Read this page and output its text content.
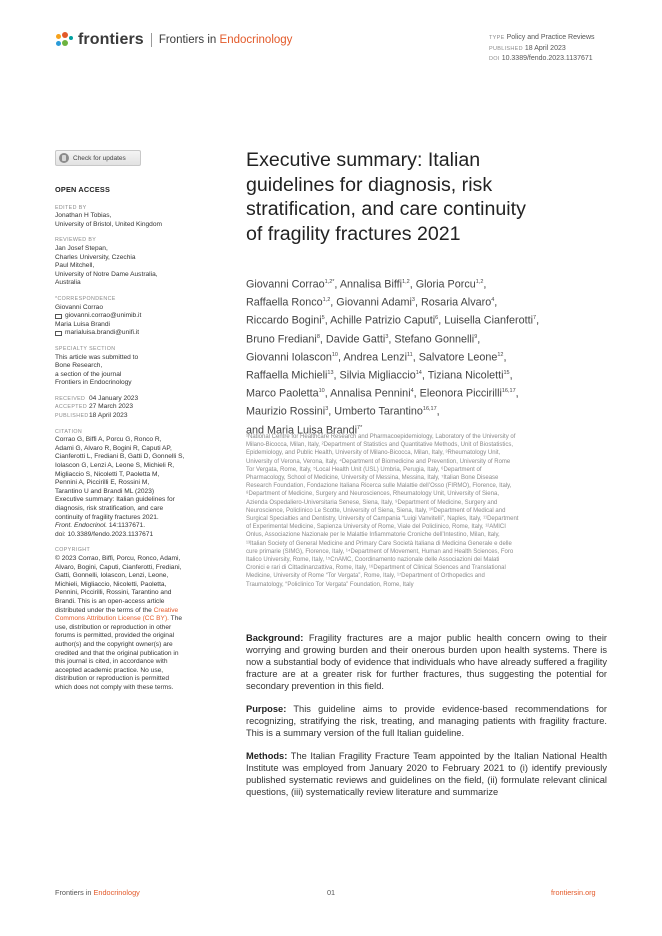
frontiers Frontiers in Endocrinology	TYPE Policy and Practice Reviews
PUBLISHED 18 April 2023
DOI 10.3389/fendo.2023.1137671
Check for updates
OPEN ACCESS
EDITED BY
Jonathan H Tobias,
University of Bristol, United Kingdom
REVIEWED BY
Jan Josef Stepan,
Charles University, Czechia
Paul Mitchell,
University of Notre Dame Australia,
Australia
*CORRESPONDENCE
Giovanni Corrao
giovanni.corrao@unimib.it
Maria Luisa Brandi
marialuisa.brandi@unifi.it
SPECIALTY SECTION
This article was submitted to
Bone Research,
a section of the journal
Frontiers in Endocrinology
RECEIVED 04 January 2023
ACCEPTED 27 March 2023
PUBLISHED18 April 2023
CITATION
Corrao G, Biffi A, Porcu G, Ronco R,
Adami G, Alvaro R, Bogini R, Caputi AP,
Cianferotti L, Frediani B, Gatti D, Gonnelli S,
Iolascon G, Lenzi A, Leone S, Michieli R,
Migliaccio S, Nicoletti T, Paoletta M,
Pennini A, Piccirilli E, Rossini M,
Tarantino U and Brandi ML (2023)
Executive summary: Italian guidelines for
diagnosis, risk stratification, and care
continuity of fragility fractures 2021.
Front. Endocrinol. 14:1137671.
doi: 10.3389/fendo.2023.1137671
COPYRIGHT
© 2023 Corrao, Biffi, Porcu, Ronco, Adami,
Alvaro, Bogini, Caputi, Cianferotti, Frediani,
Gatti, Gonnelli, Iolascon, Lenzi, Leone,
Michieli, Migliaccio, Nicoletti, Paoletta,
Pennini, Piccirilli, Rossini, Tarantino and
Brandi. This is an open-access article
distributed under the terms of the Creative
Commons Attribution License (CC BY). The
use, distribution or reproduction in other
forums is permitted, provided the original
author(s) and the copyright owner(s) are
credited and that the original publication in
this journal is cited, in accordance with
accepted academic practice. No use,
distribution or reproduction is permitted
which does not comply with these terms.
Executive summary: Italian
guidelines for diagnosis, risk
stratification, and care continuity
of fragility fractures 2021
Giovanni Corrao$^{1,2*}$, Annalisa Biffi$^{1,2}$, Gloria Porcu$^{1,2}$,
Raffaella Ronco$^{1,2}$, Giovanni Adami$^3$, Rosaria Alvaro$^4$,
Riccardo Bogini$^5$, Achille Patrizio Caputi$^6$, Luisella Cianferotti$^7$,
Bruno Frediani$^8$, Davide Gatti$^3$, Stefano Gonnelli$^9$,
Giovanni Iolascon$^{10}$, Andrea Lenzi$^{11}$, Salvatore Leone$^{12}$,
Raffaella Michieli$^{13}$, Silvia Migliaccio$^{14}$, Tiziana Nicoletti$^{15}$,
Marco Paoletta$^{10}$, Annalisa Pennini$^4$, Eleonora Piccirilli$^{16,17}$,
Maurizio Rossini$^3$, Umberto Tarantino$^{16,17}$,
and Maria Luisa Brandi$^{7*}$
¹National Centre for Healthcare Research and Pharmacoepidemiology, Laboratory of the University of
Milano-Bicocca, Milan, Italy, ²Department of Statistics and Quantitative Methods, Unit of Biostatistics,
Epidemiology, and Public Health, University of Milano-Bicocca, Milan, Italy, ³Rheumatology Unit,
University of Verona, Verona, Italy, ⁴Department of Biomedicine and Prevention, University of Rome
Tor Vergata, Rome, Italy, ⁵Local Health Unit (USL) Umbria, Perugia, Italy, ⁶Department of
Pharmacology, School of Medicine, University of Messina, Messina, Italy, ⁷Italian Bone Disease
Research Foundation, Fondazione Italiana Ricerca sulle Malattie dell’Osso (FIRMO), Florence, Italy,
⁸Department of Medicine, Surgery and Neurosciences, Rheumatology Unit, University of Siena,
Azienda Ospedaliero-Universitaria Senese, Siena, Italy, ⁹Department of Medicine, Surgery and
Neuroscience, Policlinico Le Scotte, University of Siena, Siena, Italy, ¹⁰Department of Medical and
Surgical Specialties and Dentistry, University of Campania “Luigi Vanvitelli”, Naples, Italy, ¹¹Department
of Experimental Medicine, Sapienza University of Rome, Viale del Policlinico, Rome, Italy, ¹²AMICI
Onlus, Associazione Nazionale per le Malattie Infiammatorie Croniche dell’Intestino, Milan, Italy,
¹³Italian Society of General Medicine and Primary Care Società Italiana di Medicina Generale e delle
cure primarie (SIMG), Florence, Italy, ¹⁴Department of Movement, Human and Health Sciences, Foro
Italico University, Rome, Italy, ¹⁵CnAMC, Coordinamento nazionale delle Associazioni dei Malati
Cronici e rari di Cittadinanzattiva, Rome, Italy, ¹⁶Department of Clinical Sciences and Translational
Medicine, University of Rome “Tor Vergata”, Rome, Italy, ¹⁷Department of Orthopedics and
Traumatology, “Policlinico Tor Vergata” Foundation, Rome, Italy

Background: Fragility fractures are a major public health concern owing to their worrying and growing burden and their onerous burden upon health systems. There is now a substantial body of evidence that individuals who have already suffered a fragility fracture are at a greater risk for further fractures, thus suggesting the potential for secondary prevention in this field.

Purpose: This guideline aims to provide evidence-based recommendations for recognizing, stratifying the risk, treating, and managing patients with fragility fracture. This is a summary version of the full Italian guideline.

Methods: The Italian Fragility Fracture Team appointed by the Italian National Health Institute was employed from January 2020 to February 2021 to (i) identify previously published systematic reviews and guidelines on the field, (ii) formulate relevant clinical questions, (iii) systematically review literature and summarize

Frontiers in Endocrinology	01	frontiersin.org
